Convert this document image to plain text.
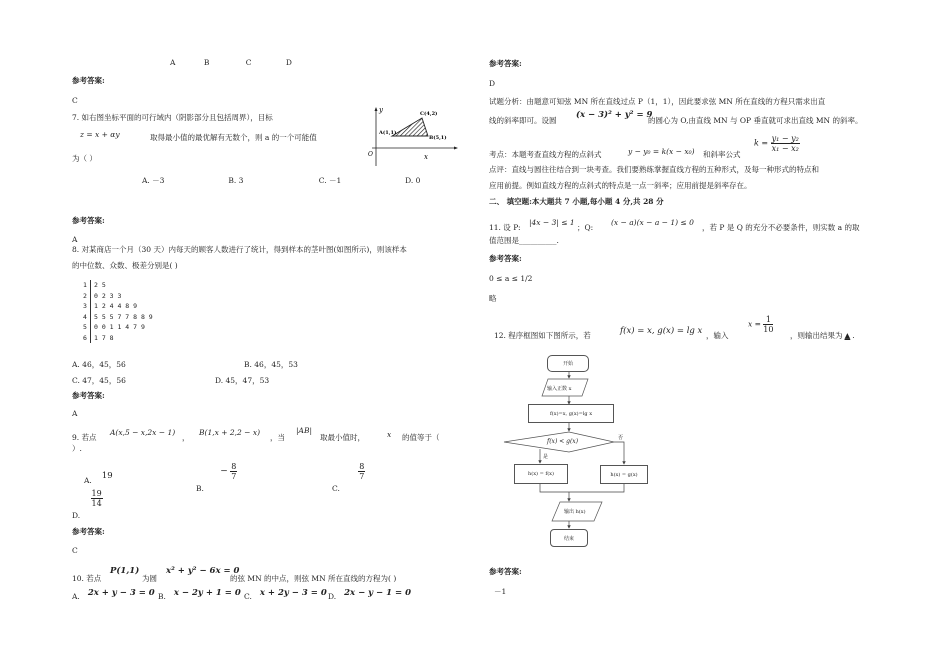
A	B	C	D
参考答案:
C
7. 如右图坐标平面的可行域内（阴影部分且包括周界），目标
z = x + αy	取得最小值的最优解有无数个，则 a 的一个可能值
为（ ）
A. －3	B. 3	C. －1	D. 0
y
x
O
A(1,1)
B(5,1)
C(4,2)
参考答案:
A
8. 对某商店一个月（30 天）内每天的顾客人数进行了统计，得到样本的茎叶图(如图所示)，则该样本
的中位数、众数、极差分别是( )
1	2 5
2	0 2 3 3
3	1 2 4 4 8 9
4	5 5 5 7 7 8 8 9
5	0 0 1 1 4 7 9
6	1 7 8
A. 46，45，56	B. 46，45，53
C. 47，45，56	D. 45，47，53
参考答案:
A
9. 若点
A(x,5 − x,2x − 1)
，
B(1,x + 2,2 − x)
，当
|AB|
取最小值时，	x 的值等于（
）.
A. 19
B. − $\frac{8}{7}$
C.
$\frac{8}{7}$
D.
$\frac{19}{14}$
参考答案:
C
10. 若点
P(1,1)
为圆
x² + y² − 6x = 0
的弦 MN 的中点，则弦 MN 所在直线的方程为( )
A. 2x + y − 3 = 0 B. x − 2y + 1 = 0 C. x + 2y − 3 = 0 D. 2x − y − 1 = 0
参考答案:
D
试题分析：由题意可知弦 MN 所在直线过点 P（1，1），因此要求弦 MN 所在直线的方程只需求出直
线的斜率即可。设圆
(x − 3)² + y² = 9
的圆心为 O,由直线 MN 与 OP 垂直就可求出直线 MN 的斜率。
$k = \frac{\text{y₁ − y₂}}{\text{x₁ − x₂}}$
考点：本题考查直线方程的点斜式	y − y₀ = k(x − x₀) 和斜率公式
点评：直线与圆往往结合到一块考查。我们要熟练掌握直线方程的五种形式，及每一种形式的特点和
应用前提。例如直线方程的点斜式的特点是一点一斜率；应用前提是斜率存在。
二、 填空题:本大题共 7 小题,每小题 4 分,共 28 分
11. 设 P:
|4x − 3| ≤ 1
；Q:
(x − a)(x − a − 1) ≤ 0
，若 P 是 Q 的充分不必要条件，则实数 a 的取
值范围是__________.
参考答案:
0 ≤ a ≤ 1/2
略
12. 程序框图如下图所示，若	f(x) = x, g(x) = lg x ，输入
$x = \frac{1}{10}$
，则输出结果为 ▲ .
开始
输入正数 x
f(x)=x, g(x)=lg x
f(x) < g(x)
是
否
h(x) = f(x)	h(x) = g(x)
输出 h(x)
结束
参考答案:
－1
